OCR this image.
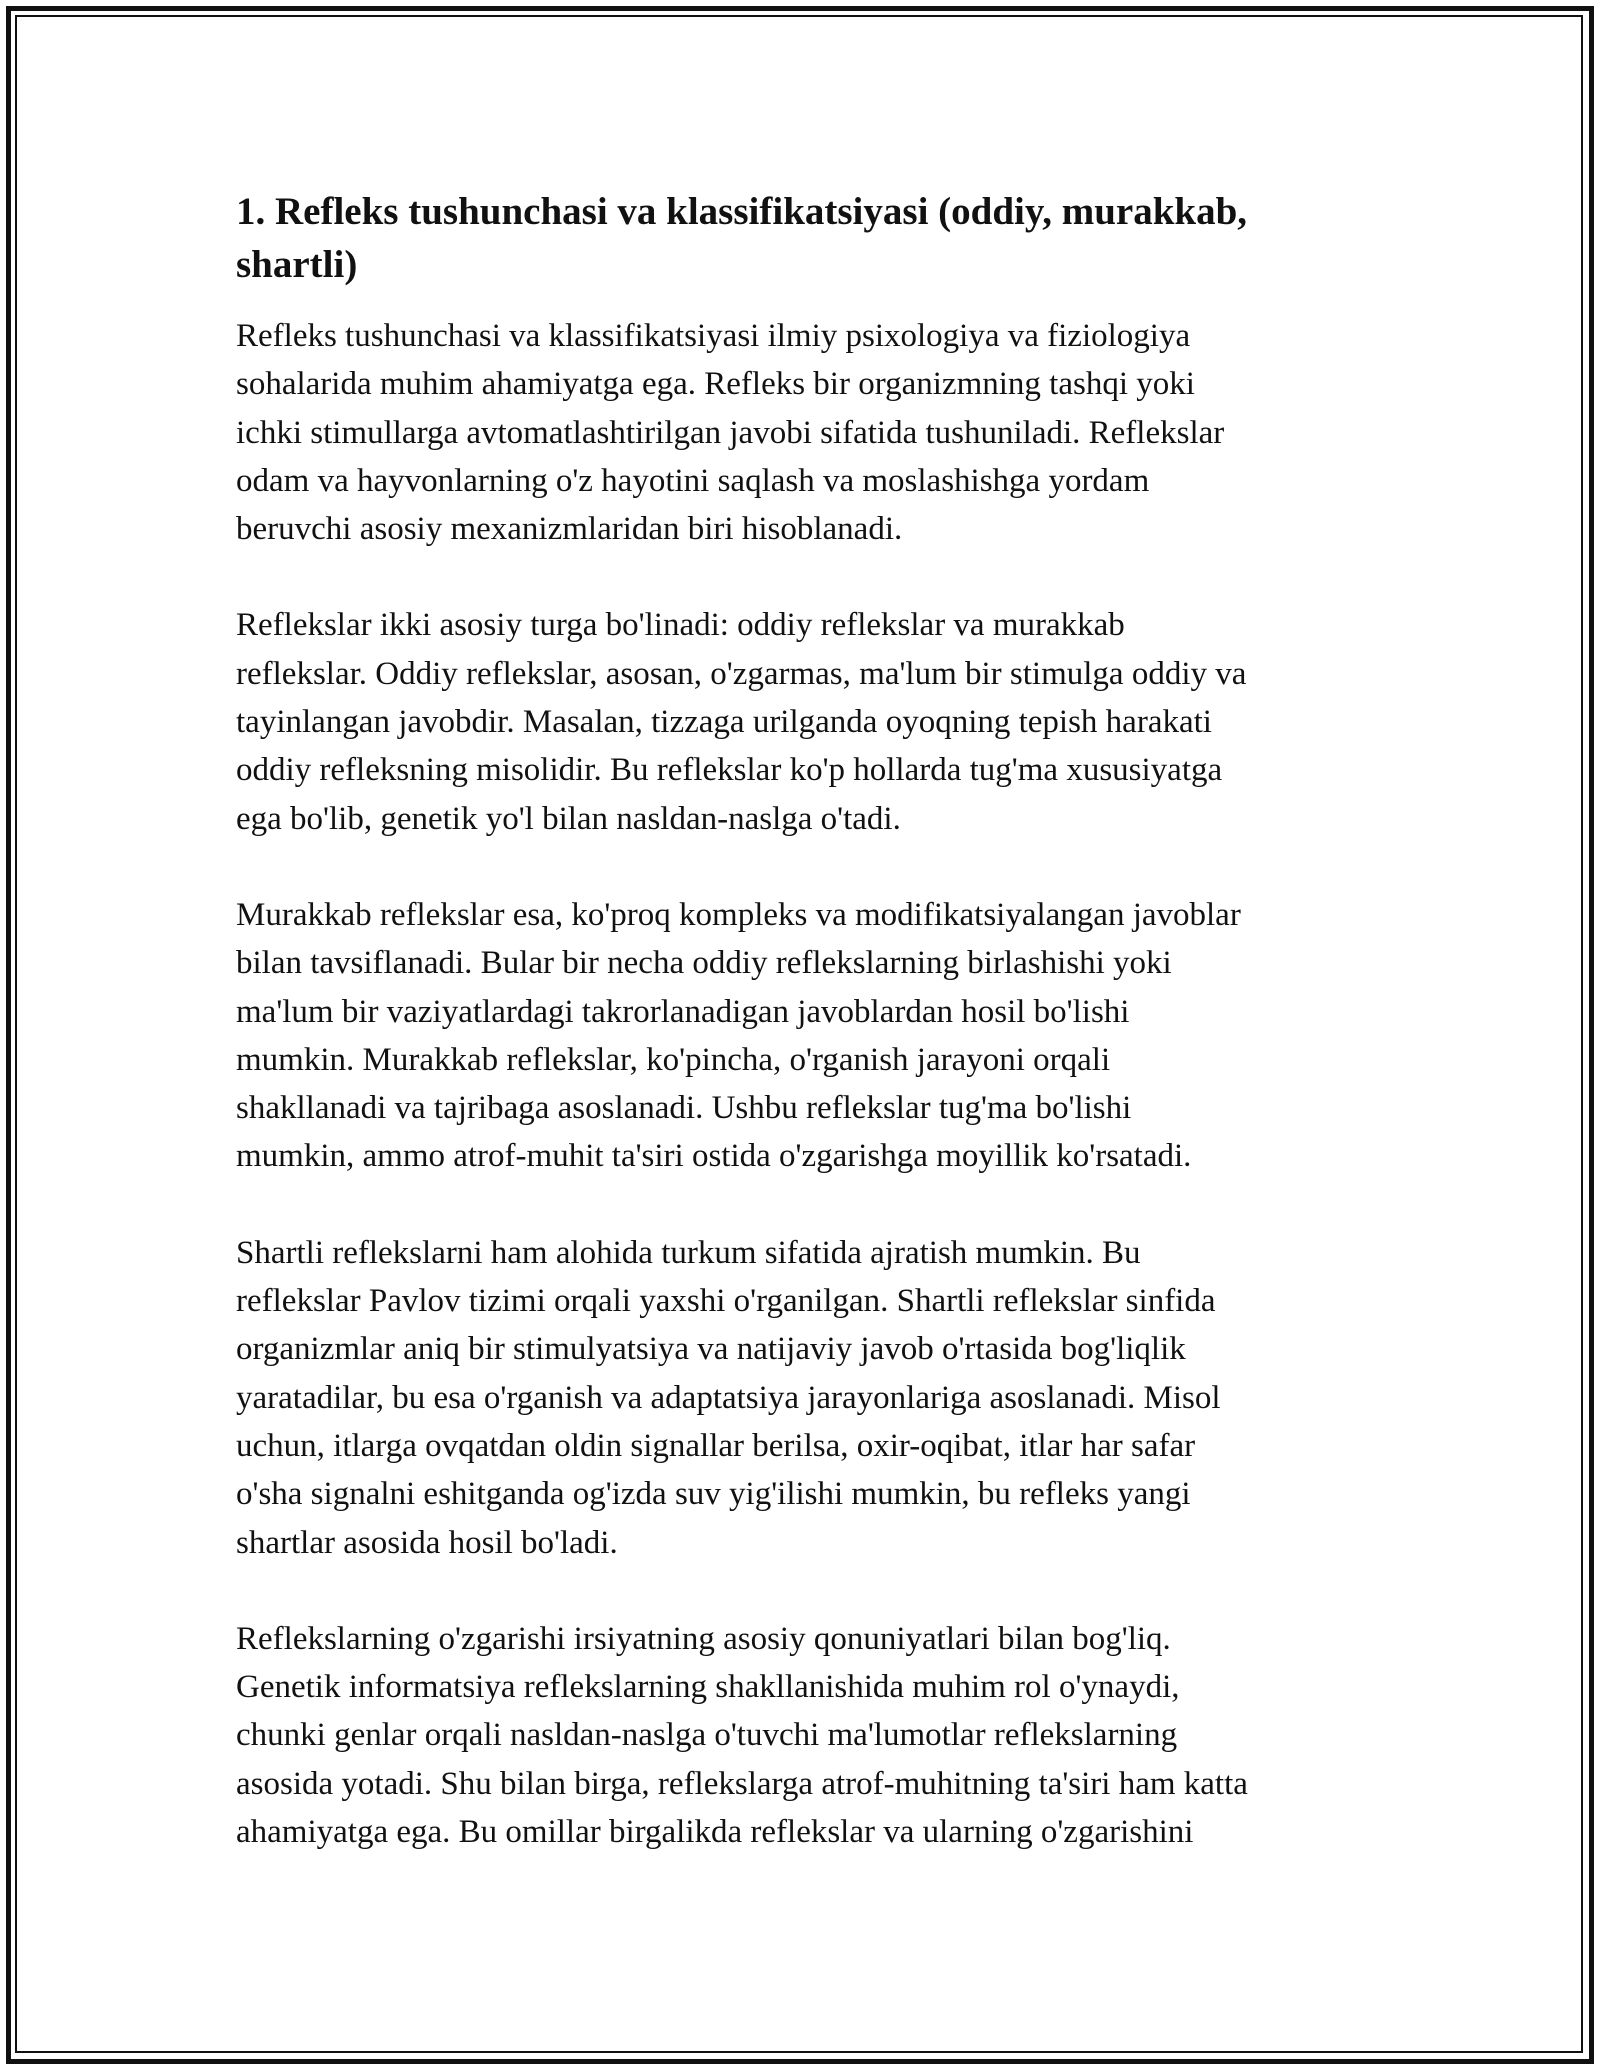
1. Refleks tushunchasi va klassifikatsiyasi (oddiy, murakkab,
shartli)

Refleks tushunchasi va klassifikatsiyasi ilmiy psixologiya va fiziologiya
sohalarida muhim ahamiyatga ega. Refleks bir organizmning tashqi yoki
ichki stimullarga avtomatlashtirilgan javobi sifatida tushuniladi. Reflekslar
odam va hayvonlarning o'z hayotini saqlash va moslashishga yordam
beruvchi asosiy mexanizmlaridan biri hisoblanadi.

Reflekslar ikki asosiy turga bo'linadi: oddiy reflekslar va murakkab
reflekslar. Oddiy reflekslar, asosan, o'zgarmas, ma'lum bir stimulga oddiy va
tayinlangan javobdir. Masalan, tizzaga urilganda oyoqning tepish harakati
oddiy refleksning misolidir. Bu reflekslar ko'p hollarda tug'ma xususiyatga
ega bo'lib, genetik yo'l bilan nasldan-naslga o'tadi.

Murakkab reflekslar esa, ko'proq kompleks va modifikatsiyalangan javoblar
bilan tavsiflanadi. Bular bir necha oddiy reflekslarning birlashishi yoki
ma'lum bir vaziyatlardagi takrorlanadigan javoblardan hosil bo'lishi
mumkin. Murakkab reflekslar, ko'pincha, o'rganish jarayoni orqali
shakllanadi va tajribaga asoslanadi. Ushbu reflekslar tug'ma bo'lishi
mumkin, ammo atrof-muhit ta'siri ostida o'zgarishga moyillik ko'rsatadi.

Shartli reflekslarni ham alohida turkum sifatida ajratish mumkin. Bu
reflekslar Pavlov tizimi orqali yaxshi o'rganilgan. Shartli reflekslar sinfida
organizmlar aniq bir stimulyatsiya va natijaviy javob o'rtasida bog'liqlik
yaratadilar, bu esa o'rganish va adaptatsiya jarayonlariga asoslanadi. Misol
uchun, itlarga ovqatdan oldin signallar berilsa, oxir-oqibat, itlar har safar
o'sha signalni eshitganda og'izda suv yig'ilishi mumkin, bu refleks yangi
shartlar asosida hosil bo'ladi.

Reflekslarning o'zgarishi irsiyatning asosiy qonuniyatlari bilan bog'liq.
Genetik informatsiya reflekslarning shakllanishida muhim rol o'ynaydi,
chunki genlar orqali nasldan-naslga o'tuvchi ma'lumotlar reflekslarning
asosida yotadi. Shu bilan birga, reflekslarga atrof-muhitning ta'siri ham katta
ahamiyatga ega. Bu omillar birgalikda reflekslar va ularning o'zgarishini
